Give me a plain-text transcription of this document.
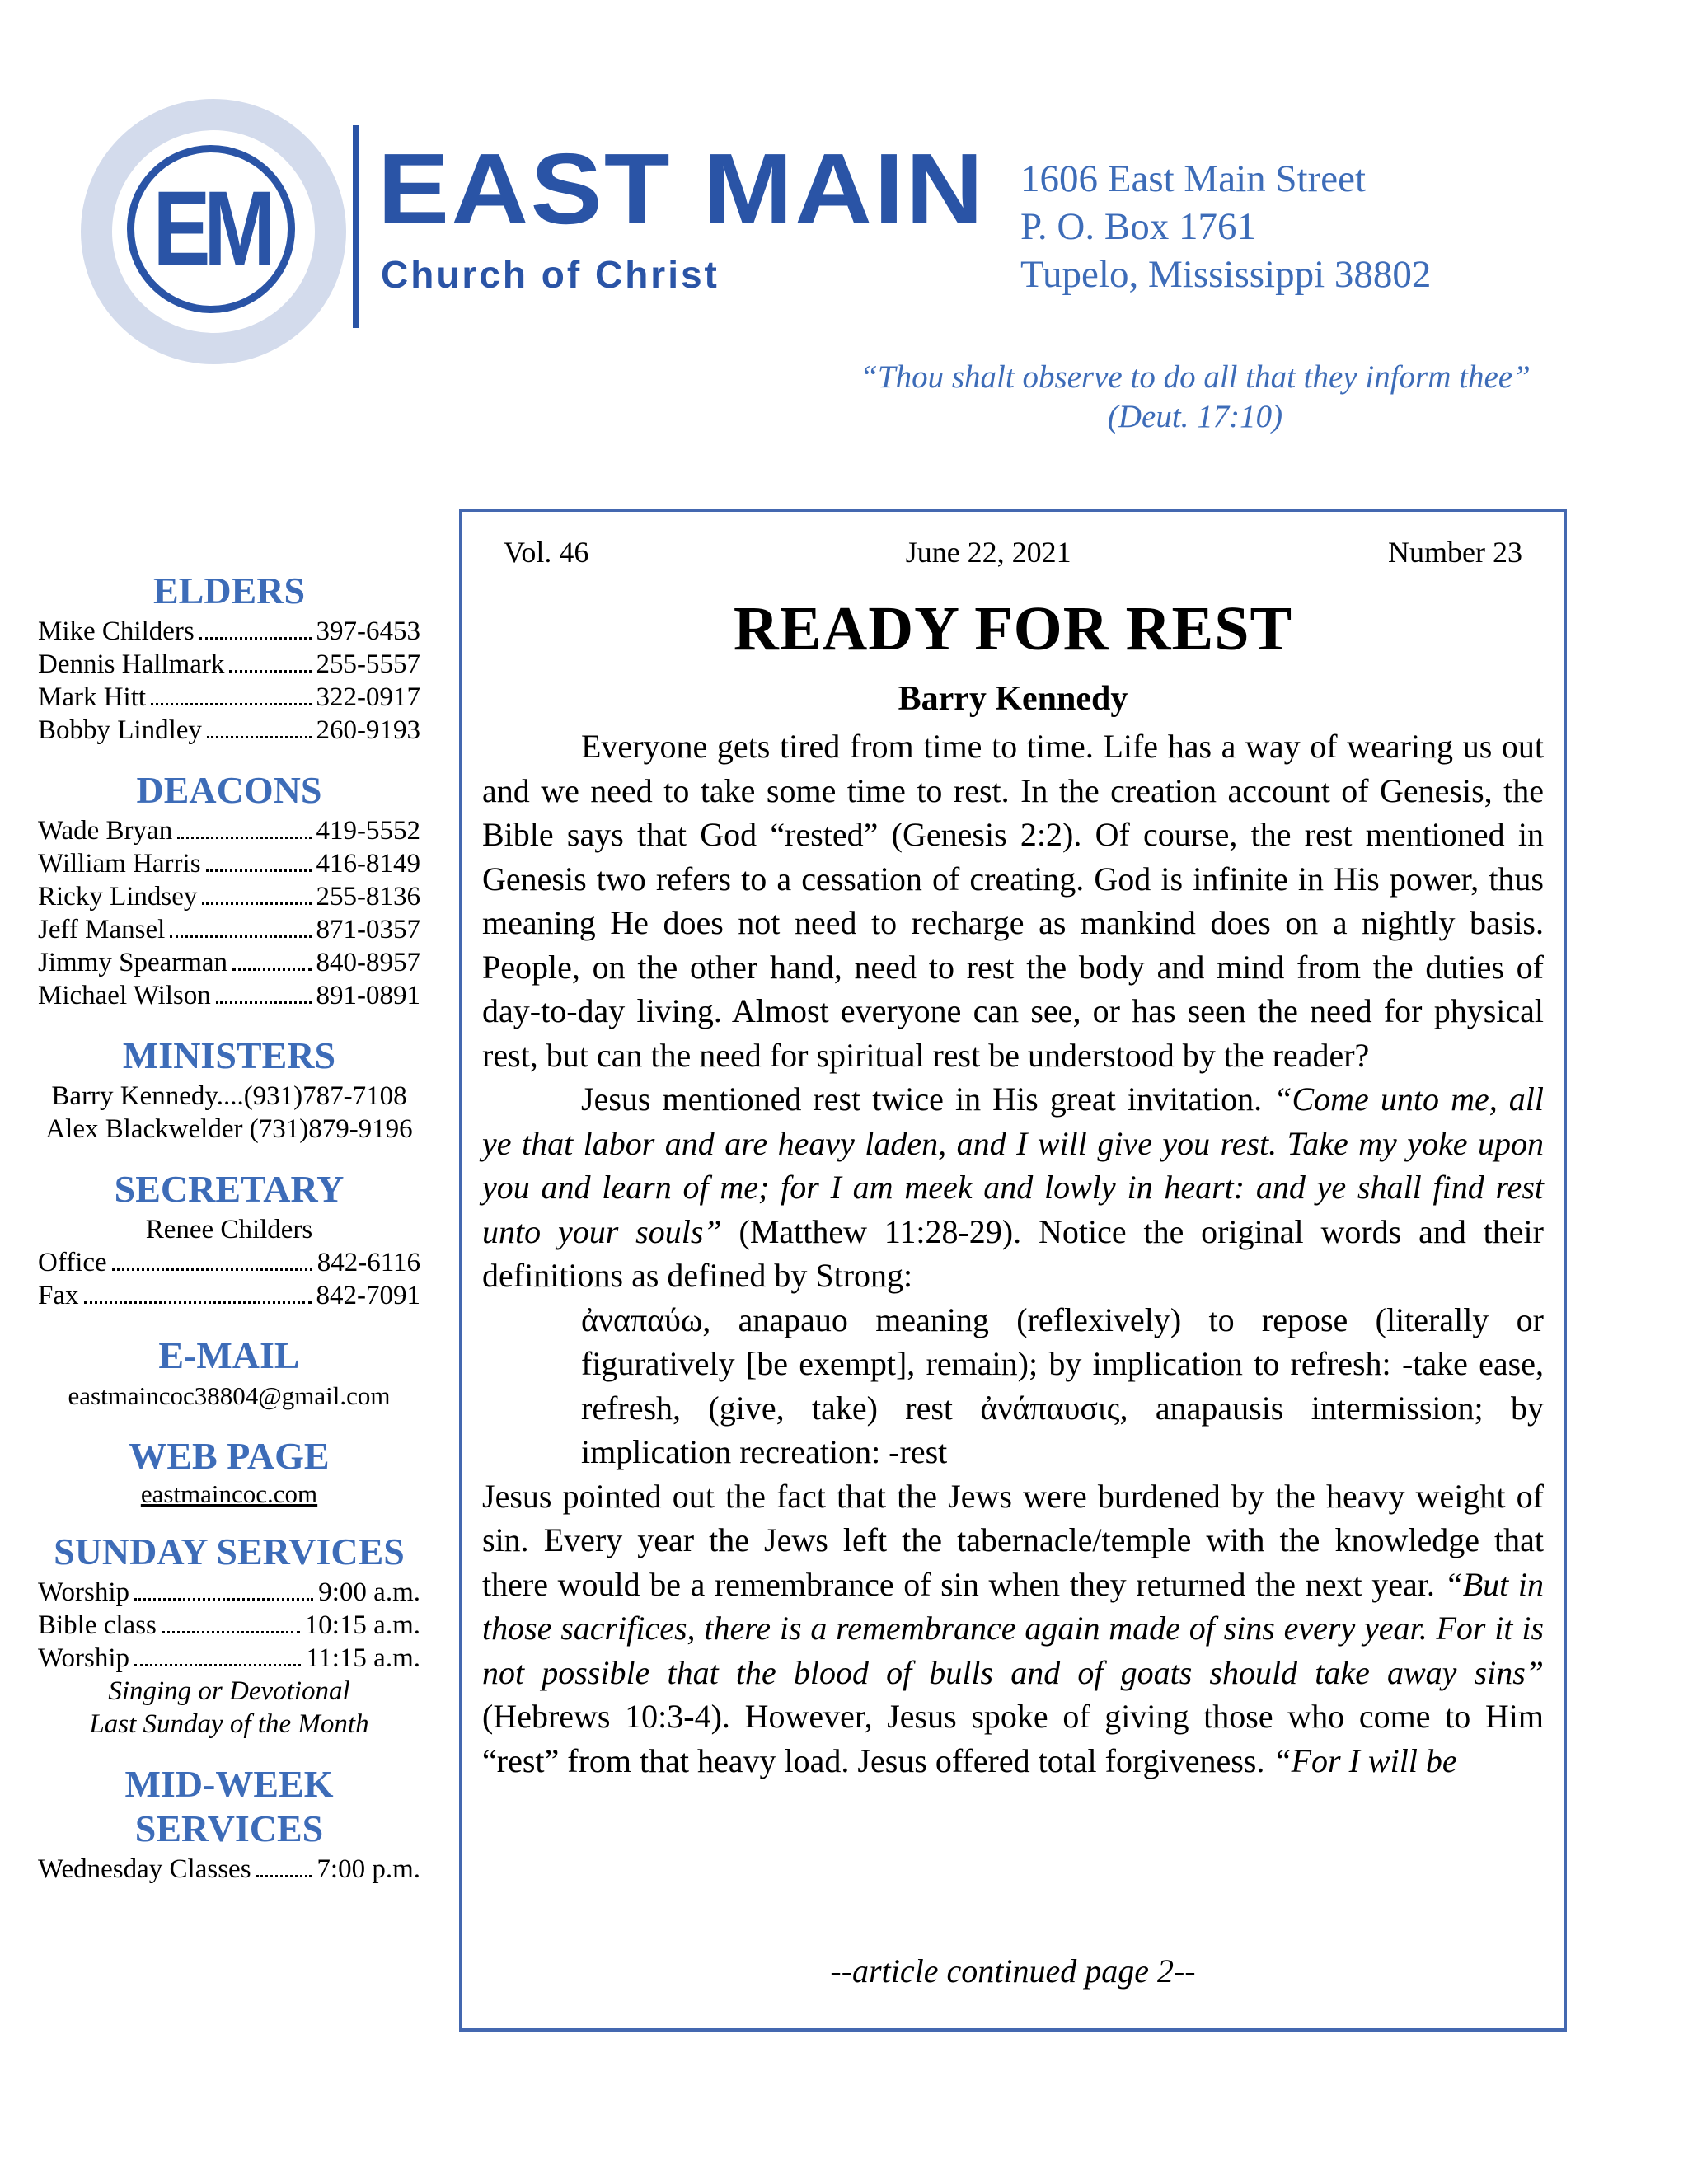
EM EAST MAIN
Church of Christ
1606 East Main Street
P. O. Box 1761
Tupelo, Mississippi 38802
“Thou shalt observe to do all that they inform thee”
(Deut. 17:10)
ELDERS
Mike Childers	397-6453
Dennis Hallmark	255-5557
Mark Hitt	322-0917
Bobby Lindley	260-9193
DEACONS
Wade Bryan	419-5552
William Harris	416-8149
Ricky Lindsey	255-8136
Jeff Mansel	871-0357
Jimmy Spearman	840-8957
Michael Wilson	891-0891
MINISTERS
Barry Kennedy....(931)787-7108
Alex Blackwelder (731)879-9196
SECRETARY
Renee Childers
Office	842-6116
Fax	842-7091
E-MAIL
eastmaincoc38804@gmail.com
WEB PAGE
eastmaincoc.com
SUNDAY SERVICES
Worship	9:00 a.m.
Bible class	10:15 a.m.
Worship	11:15 a.m.
Singing or Devotional
Last Sunday of the Month
MID-WEEK
SERVICES
Wednesday Classes 7:00 p.m.
Vol. 46	June 22, 2021	Number 23
READY FOR REST
Barry Kennedy

Everyone gets tired from time to time. Life has a way of wearing us out and we need to take some time to rest. In the creation account of Genesis, the Bible says that God “rested” (Genesis 2:2). Of course, the rest mentioned in Genesis two refers to a cessation of creating. God is infinite in His power, thus meaning He does not need to recharge as mankind does on a nightly basis. People, on the other hand, need to rest the body and mind from the duties of day-to-day living. Almost everyone can see, or has seen the need for physical rest, but can the need for spiritual rest be understood by the reader?

Jesus mentioned rest twice in His great invitation. “Come unto me, all ye that labor and are heavy laden, and I will give you rest. Take my yoke upon you and learn of me; for I am meek and lowly in heart: and ye shall find rest unto your souls” (Matthew 11:28-29). Notice the original words and their definitions as defined by Strong:

ἀναπαύω, anapauo meaning (reflexively) to repose (literally or figuratively [be exempt], remain); by implication to refresh: -take ease, refresh, (give, take) rest ἀνάπαυσις, anapausis intermission; by implication recreation: -rest

Jesus pointed out the fact that the Jews were burdened by the heavy weight of sin. Every year the Jews left the tabernacle/temple with the knowledge that there would be a remembrance of sin when they returned the next year. “But in those sacrifices, there is a remembrance again made of sins every year. For it is not possible that the blood of bulls and of goats should take away sins” (Hebrews 10:3-4). However, Jesus spoke of giving those who come to Him “rest” from that heavy load. Jesus offered total forgiveness. “For I will be

--article continued page 2--
